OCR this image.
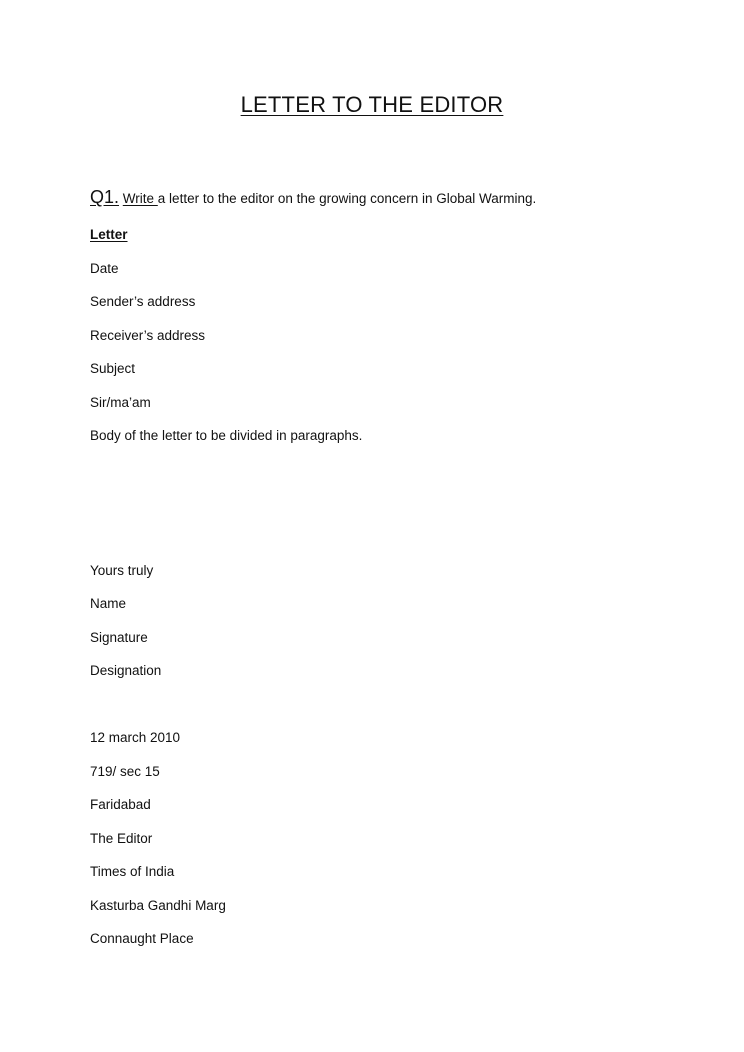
LETTER TO THE EDITOR
Q1. Write a letter to the editor on the growing concern in Global Warming.
Letter
Date
Sender’s address
Receiver’s address
Subject
Sir/ma’am
Body of the letter to be divided in paragraphs.
Yours truly
Name
Signature
Designation
12 march 2010
719/ sec 15
Faridabad
The Editor
Times of India
Kasturba Gandhi Marg
Connaught Place
